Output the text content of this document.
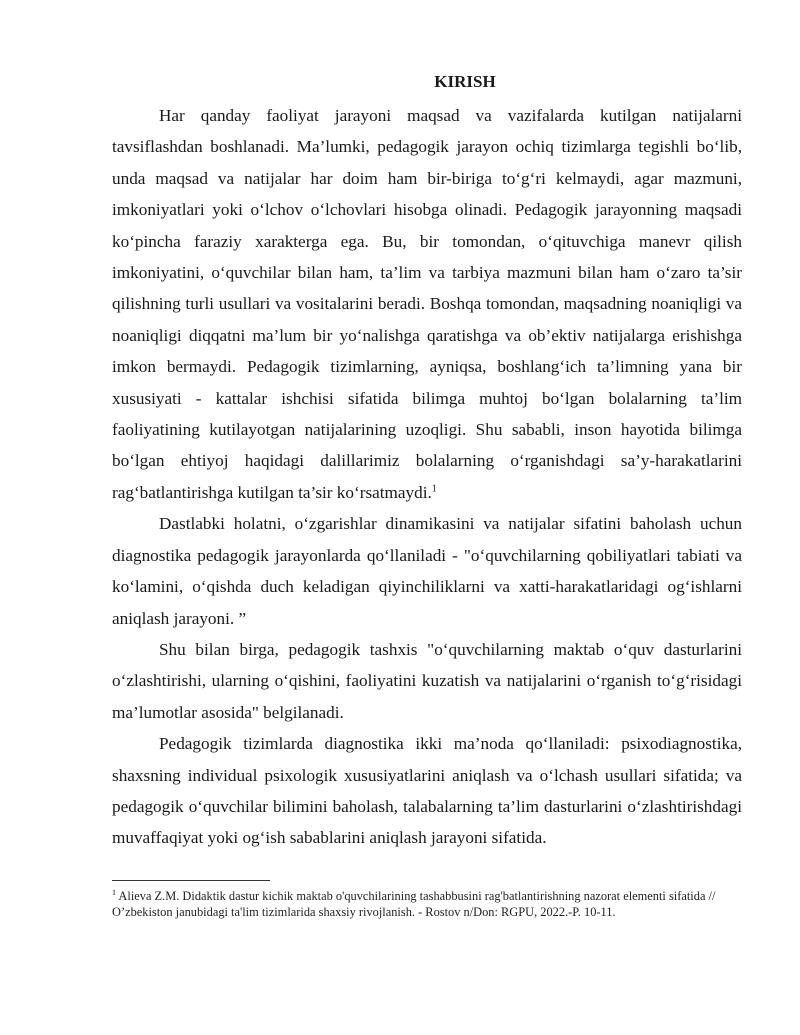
KIRISH

Har qanday faoliyat jarayoni maqsad va vazifalarda kutilgan natijalarni tavsiflashdan boshlanadi. Ma’lumki, pedagogik jarayon ochiq tizimlarga tegishli bo‘lib, unda maqsad va natijalar har doim ham bir-biriga to‘g‘ri kelmaydi, agar mazmuni, imkoniyatlari yoki o‘lchov o‘lchovlari hisobga olinadi. Pedagogik jarayonning maqsadi ko‘pincha faraziy xarakterga ega. Bu, bir tomondan, o‘qituvchiga manevr qilish imkoniyatini, o‘quvchilar bilan ham, ta’lim va tarbiya mazmuni bilan ham o‘zaro ta’sir qilishning turli usullari va vositalarini beradi. Boshqa tomondan, maqsadning noaniqligi va noaniqligi diqqatni ma’lum bir yo‘nalishga qaratishga va ob’ektiv natijalarga erishishga imkon bermaydi. Pedagogik tizimlarning, ayniqsa, boshlang‘ich ta’limning yana bir xususiyati - kattalar ishchisi sifatida bilimga muhtoj bo‘lgan bolalarning ta’lim faoliyatining kutilayotgan natijalarining uzoqligi. Shu sababli, inson hayotida bilimga bo‘lgan ehtiyoj haqidagi dalillarimiz bolalarning o‘rganishdagi sa’y-harakatlarini rag‘batlantirishga kutilgan ta’sir ko‘rsatmaydi.$^1$

Dastlabki holatni, o‘zgarishlar dinamikasini va natijalar sifatini baholash uchun diagnostika pedagogik jarayonlarda qo‘llaniladi - "o‘quvchilarning qobiliyatlari tabiati va ko‘lamini, o‘qishda duch keladigan qiyinchiliklarni va xatti-harakatlaridagi og‘ishlarni aniqlash jarayoni. ”

Shu bilan birga, pedagogik tashxis "o‘quvchilarning maktab o‘quv dasturlarini o‘zlashtirishi, ularning o‘qishini, faoliyatini kuzatish va natijalarini o‘rganish to‘g‘risidagi ma’lumotlar asosida" belgilanadi.

Pedagogik tizimlarda diagnostika ikki ma’noda qo‘llaniladi: psixodiagnostika, shaxsning individual psixologik xususiyatlarini aniqlash va o‘lchash usullari sifatida; va pedagogik o‘quvchilar bilimini baholash, talabalarning ta’lim dasturlarini o‘zlashtirishdagi muvaffaqiyat yoki og‘ish sabablarini aniqlash jarayoni sifatida.

$^1$ Alieva Z.M. Didaktik dastur kichik maktab o'quvchilarining tashabbusini rag'batlantirishning nazorat elementi sifatida // O’zbekiston janubidagi ta'lim tizimlarida shaxsiy rivojlanish. - Rostov n/Don: RGPU, 2022.-P. 10-11.
